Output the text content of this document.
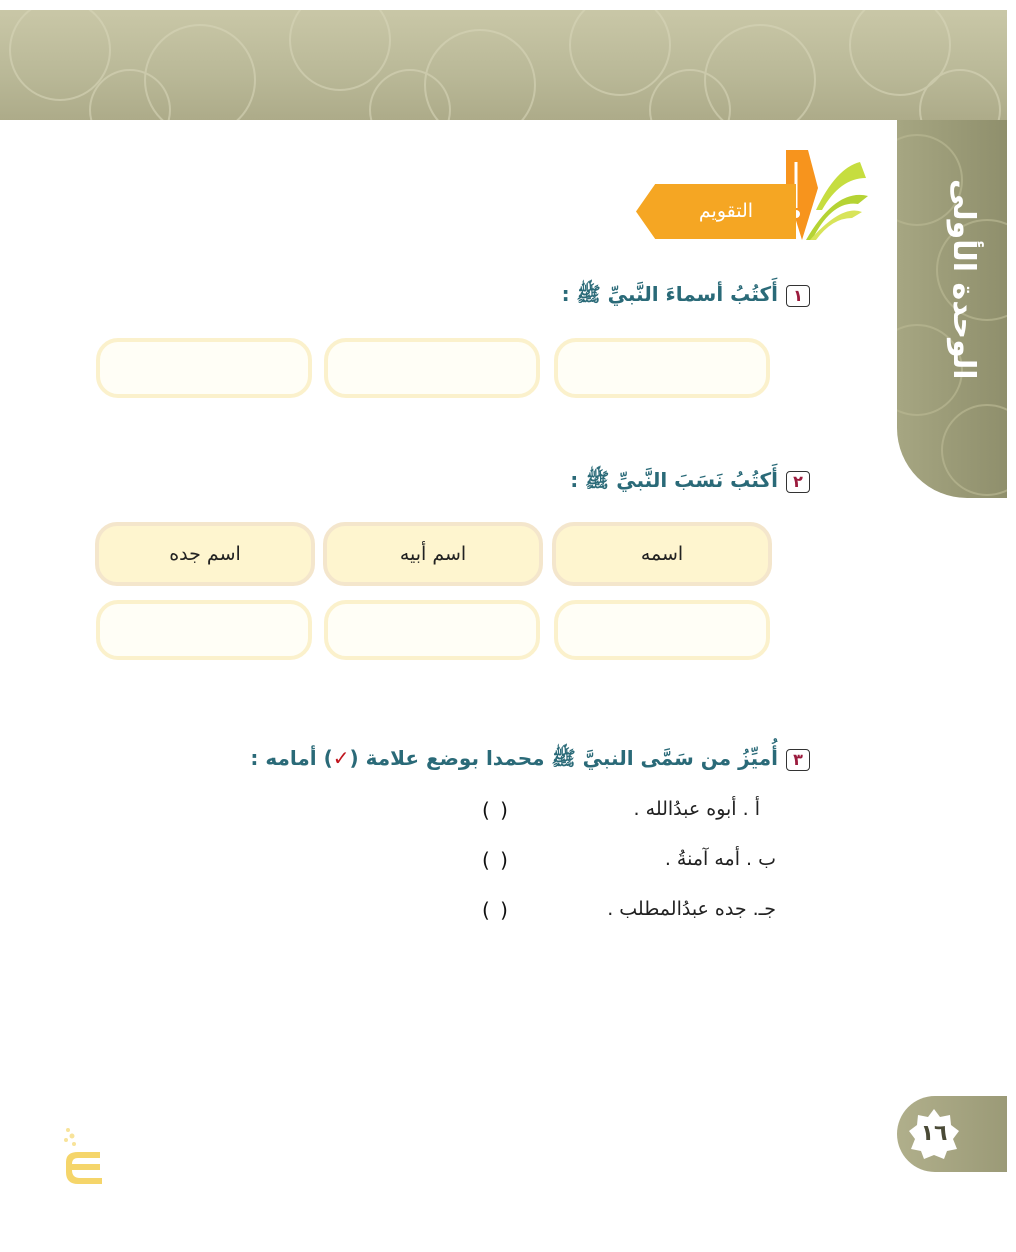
الوحدة الأولى
التقويم
١أَكتُبُ أسماءَ النَّبيِّ ﷺ :
٢أَكتُبُ نَسَبَ النَّبيِّ ﷺ :
اسمه
اسم أبيه
اسم جده
٣أُميِّزُ من سَمَّى النبيَّ ﷺ محمدا بوضع علامة (✓) أمامه :
أ . أبوه عبدُالله .
( )
ب . أمه آمنةُ .
( )
جـ. جده عبدُالمطلب .
( )
١٦
